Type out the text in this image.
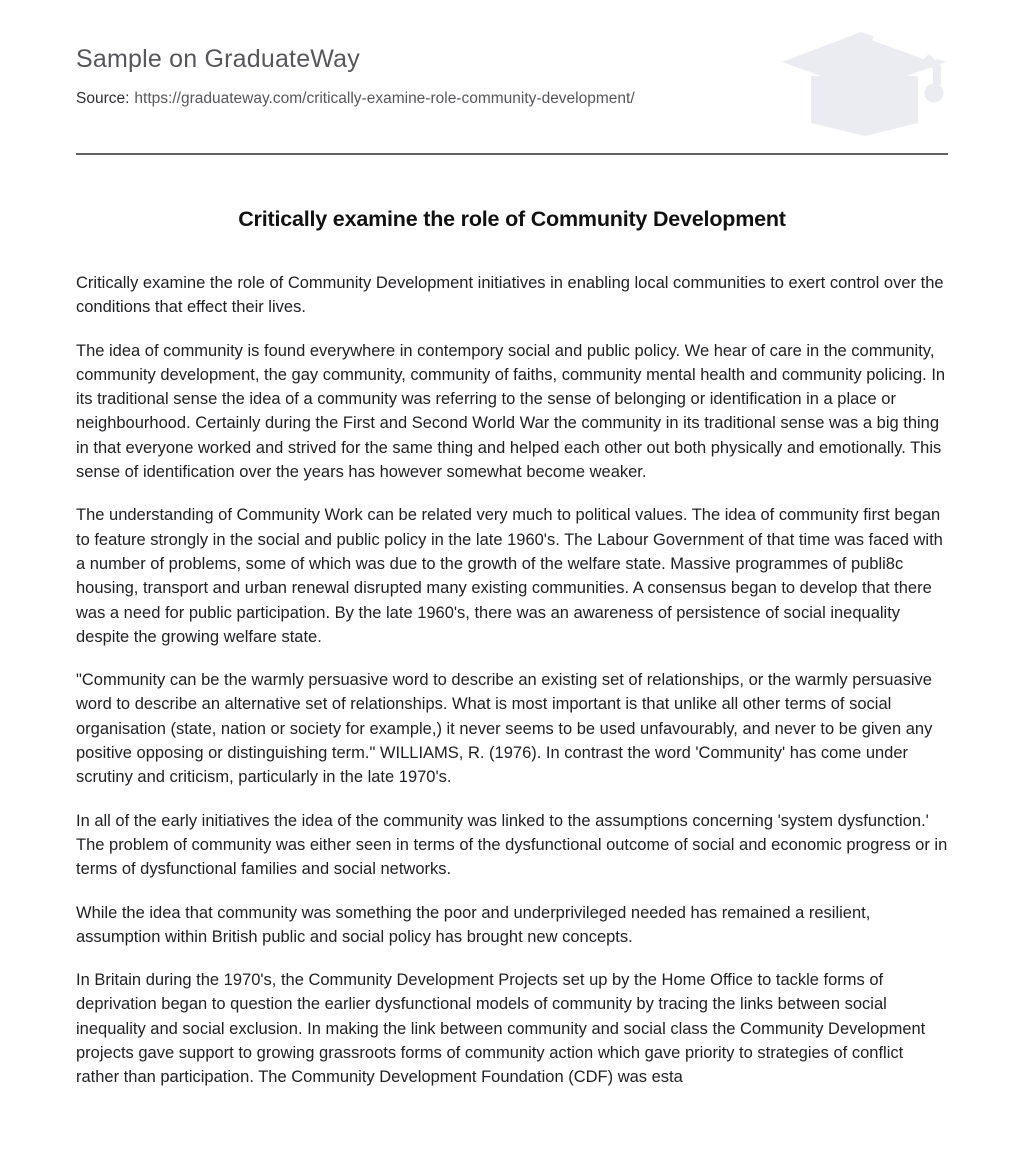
Sample on GraduateWay
Source: https://graduateway.com/critically-examine-role-community-development/
Critically examine the role of Community Development

Critically examine the role of Community Development initiatives in enabling local communities to exert control over the conditions that effect their lives.

The idea of community is found everywhere in contempory social and public policy. We hear of care in the community, community development, the gay community, community of faiths, community mental health and community policing. In its traditional sense the idea of a community was referring to the sense of belonging or identification in a place or neighbourhood. Certainly during the First and Second World War the community in its traditional sense was a big thing in that everyone worked and strived for the same thing and helped each other out both physically and emotionally. This sense of identification over the years has however somewhat become weaker.

The understanding of Community Work can be related very much to political values. The idea of community first began to feature strongly in the social and public policy in the late 1960's. The Labour Government of that time was faced with a number of problems, some of which was due to the growth of the welfare state. Massive programmes of publi8c housing, transport and urban renewal disrupted many existing communities. A consensus began to develop that there was a need for public participation. By the late 1960's, there was an awareness of persistence of social inequality despite the growing welfare state.

"Community can be the warmly persuasive word to describe an existing set of relationships, or the warmly persuasive word to describe an alternative set of relationships. What is most important is that unlike all other terms of social organisation (state, nation or society for example,) it never seems to be used unfavourably, and never to be given any positive opposing or distinguishing term." WILLIAMS, R. (1976). In contrast the word 'Community' has come under scrutiny and criticism, particularly in the late 1970's.

In all of the early initiatives the idea of the community was linked to the assumptions concerning 'system dysfunction.' The problem of community was either seen in terms of the dysfunctional outcome of social and economic progress or in terms of dysfunctional families and social networks.

While the idea that community was something the poor and underprivileged needed has remained a resilient, assumption within British public and social policy has brought new concepts.

In Britain during the 1970's, the Community Development Projects set up by the Home Office to tackle forms of deprivation began to question the earlier dysfunctional models of community by tracing the links between social inequality and social exclusion. In making the link between community and social class the Community Development projects gave support to growing grassroots forms of community action which gave priority to strategies of conflict rather than participation. The Community Development Foundation (CDF) was esta
